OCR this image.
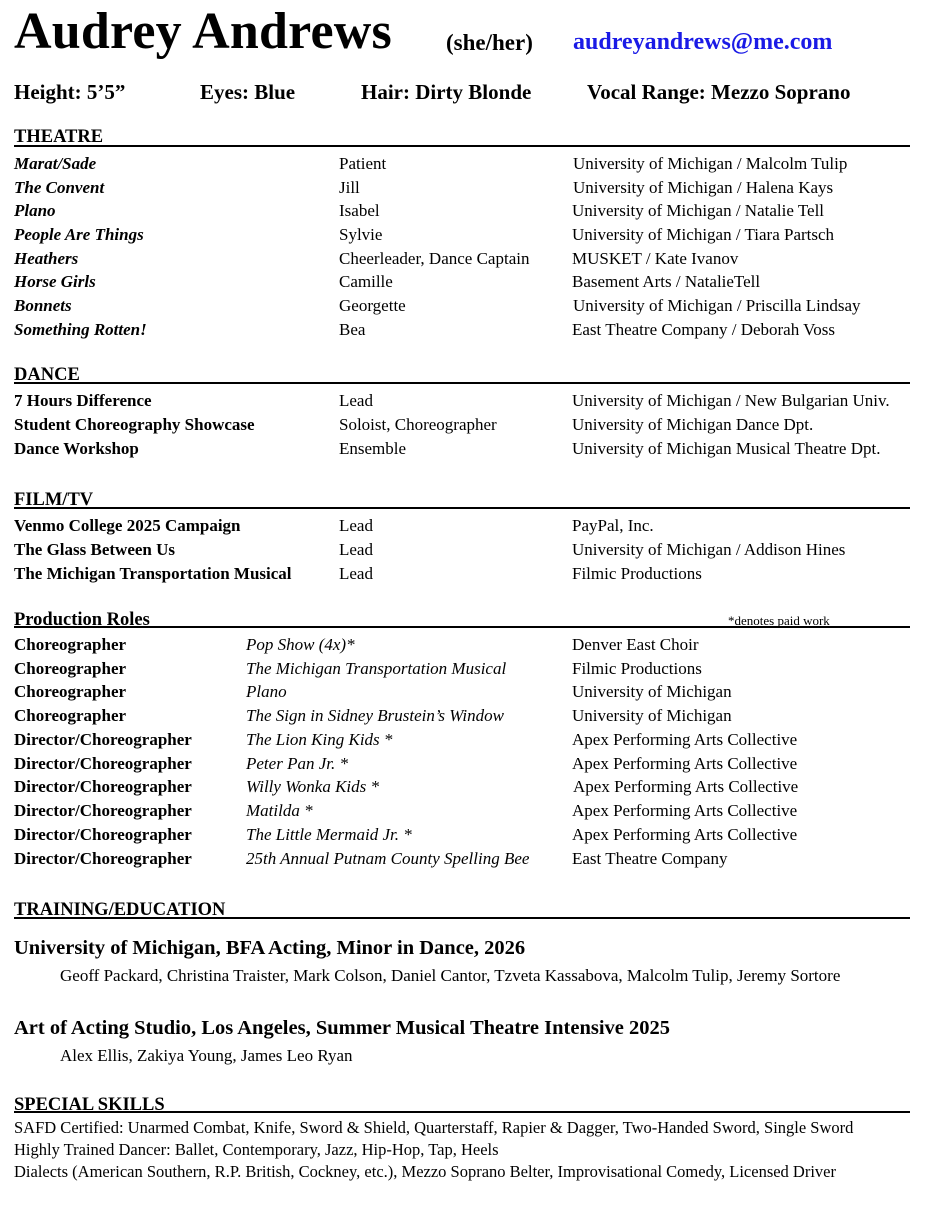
Audrey Andrews (she/her) audreyandrews@me.com
Height: 5’5”	Eyes: Blue	Hair: Dirty Blonde	Vocal Range: Mezzo Soprano
THEATRE
Marat/Sade	Patient	University of Michigan / Malcolm Tulip
The Convent	Jill	University of Michigan / Halena Kays
Plano	Isabel	University of Michigan / Natalie Tell
People Are Things	Sylvie	University of Michigan / Tiara Partsch
Heathers	Cheerleader, Dance Captain	MUSKET / Kate Ivanov
Horse Girls	Camille	Basement Arts / NatalieTell
Bonnets	Georgette	University of Michigan / Priscilla Lindsay
Something Rotten!	Bea	East Theatre Company / Deborah Voss
DANCE
7 Hours Difference	Lead	University of Michigan / New Bulgarian Univ.
Student Choreography Showcase	Soloist, Choreographer	University of Michigan Dance Dpt.
Dance Workshop	Ensemble	University of Michigan Musical Theatre Dpt.
FILM/TV
Venmo College 2025 Campaign	Lead	PayPal, Inc.
The Glass Between Us	Lead	University of Michigan / Addison Hines
The Michigan Transportation Musical	Lead	Filmic Productions
Production Roles	*denotes paid work
Choreographer	Pop Show (4x)*	Denver East Choir
Choreographer	The Michigan Transportation Musical	Filmic Productions
Choreographer	Plano	University of Michigan
Choreographer	The Sign in Sidney Brustein’s Window	University of Michigan
Director/Choreographer	The Lion King Kids *	Apex Performing Arts Collective
Director/Choreographer	Peter Pan Jr. *	Apex Performing Arts Collective
Director/Choreographer	Willy Wonka Kids *	Apex Performing Arts Collective
Director/Choreographer	Matilda *	Apex Performing Arts Collective
Director/Choreographer	The Little Mermaid Jr. *	Apex Performing Arts Collective
Director/Choreographer	25th Annual Putnam County Spelling Bee	East Theatre Company
TRAINING/EDUCATION
University of Michigan, BFA Acting, Minor in Dance, 2026
Geoff Packard, Christina Traister, Mark Colson, Daniel Cantor, Tzveta Kassabova, Malcolm Tulip, Jeremy Sortore
Art of Acting Studio, Los Angeles, Summer Musical Theatre Intensive 2025
Alex Ellis, Zakiya Young, James Leo Ryan
SPECIAL SKILLS
SAFD Certified: Unarmed Combat, Knife, Sword & Shield, Quarterstaff, Rapier & Dagger, Two-Handed Sword, Single Sword
Highly Trained Dancer: Ballet, Contemporary, Jazz, Hip-Hop, Tap, Heels
Dialects (American Southern, R.P. British, Cockney, etc.), Mezzo Soprano Belter, Improvisational Comedy, Licensed Driver
